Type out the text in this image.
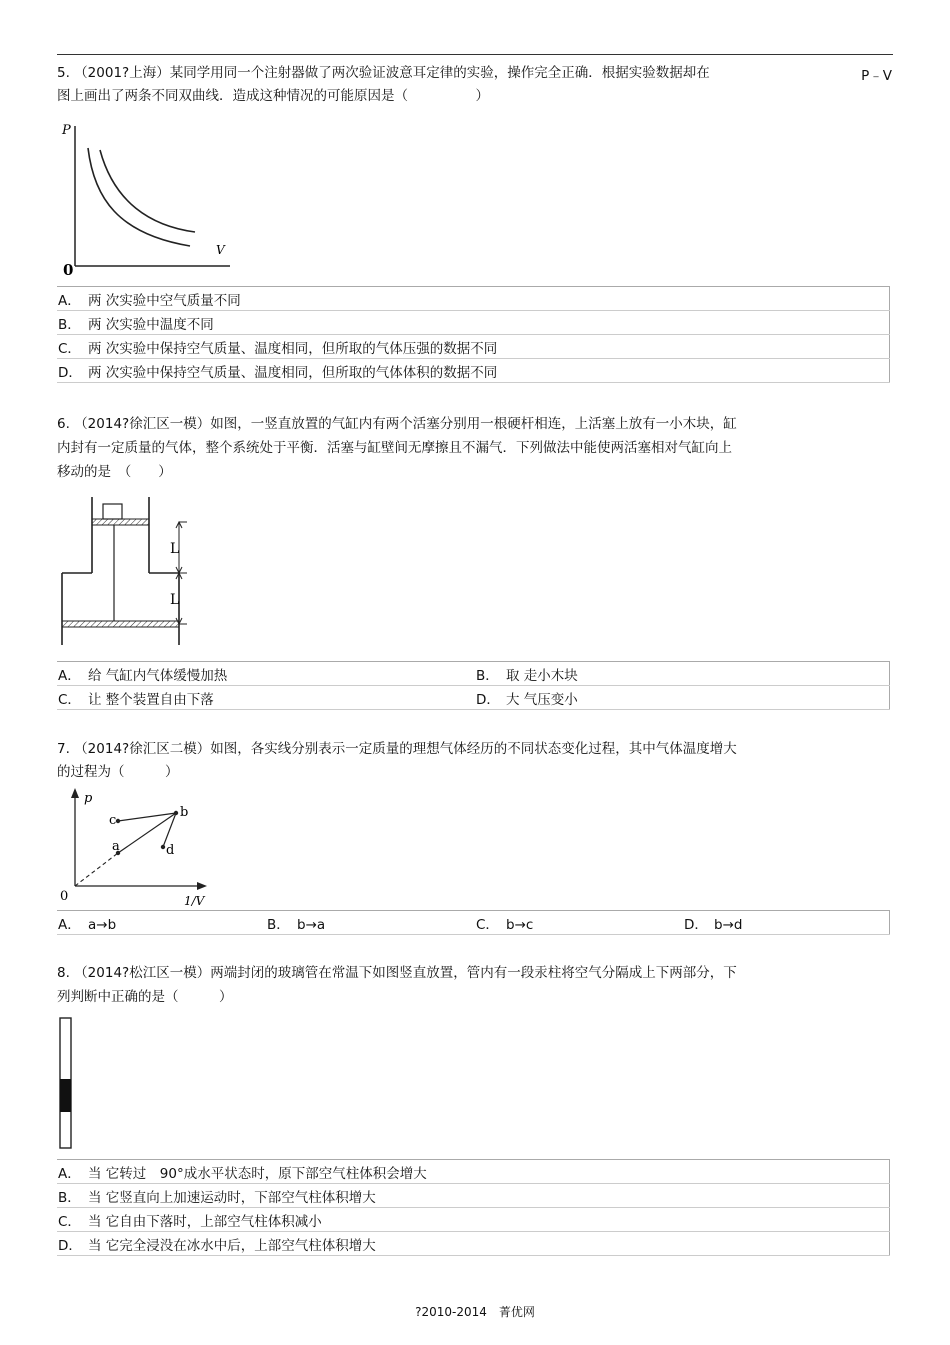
5. （2001?上海）某同学用同一个注射器做了两次验证波意耳定律的实验，操作完全正确．根据实验数据却在	P﹣V
图上画出了两条不同双曲线．造成这种情况的可能原因是（　　　　　）
P
V
0
A． 两 次实验中空气质量不同
B． 两 次实验中温度不同
C． 两 次实验中保持空气质量、温度相同，但所取的气体压强的数据不同
D． 两 次实验中保持空气质量、温度相同，但所取的气体体积的数据不同
6. （2014?徐汇区一模）如图，一竖直放置的气缸内有两个活塞分别用一根硬杆相连，上活塞上放有一小木块，缸
内封有一定质量的气体，整个系统处于平衡．活塞与缸壁间无摩擦且不漏气．下列做法中能使两活塞相对气缸向上
移动的是　（　　）
L
L
A． 给 气缸内气体缓慢加热	B． 取 走小木块
C． 让 整个装置自由下落	D． 大 气压变小
7. （2014?徐汇区二模）如图，各实线分别表示一定质量的理想气体经历的不同状态变化过程，其中气体温度增大
的过程为（　　　）
p
1/V
0
a
b
c
d
A． a→b	B． b→a	C． b→c	D． b→d
8. （2014?松江区一模）两端封闭的玻璃管在常温下如图竖直放置，管内有一段汞柱将空气分隔成上下两部分，下
列判断中正确的是（　　　）
A． 当 它转过　90°成水平状态时，原下部空气柱体积会增大
B． 当 它竖直向上加速运动时，下部空气柱体积增大
C． 当 它自由下落时，上部空气柱体积减小
D． 当 它完全浸没在冰水中后，上部空气柱体积增大
?2010-2014　菁优网
